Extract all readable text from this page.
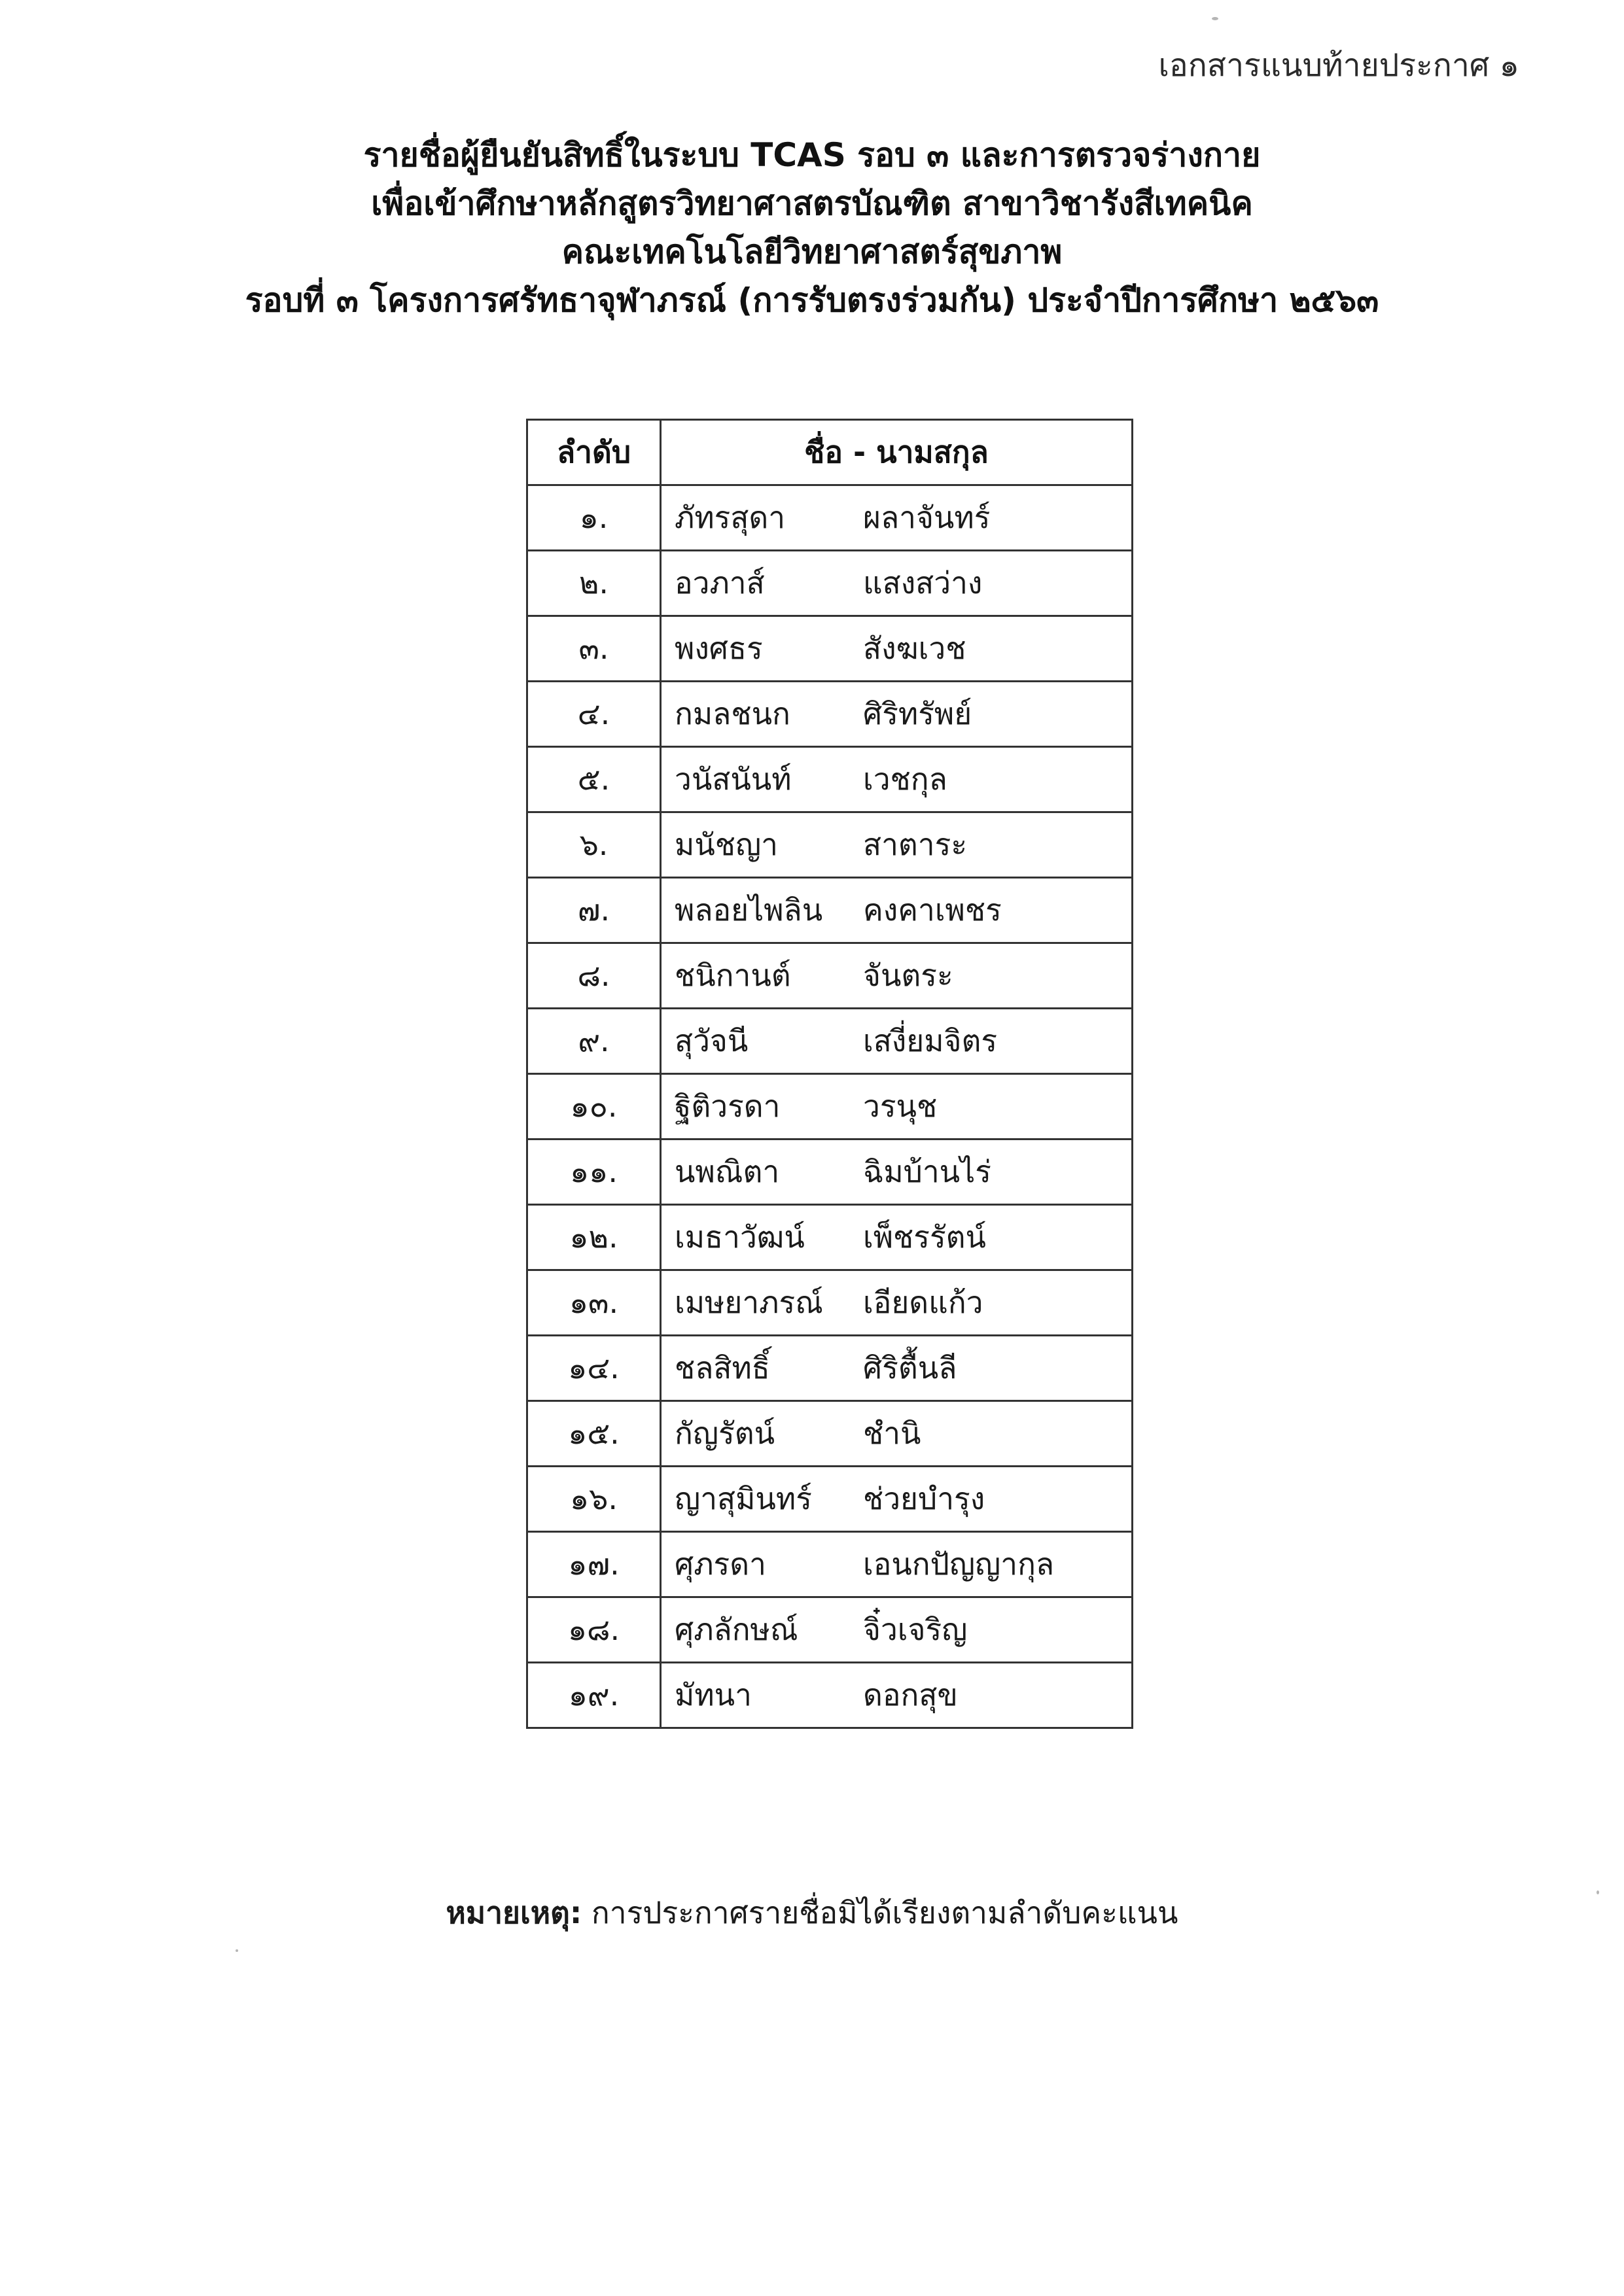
เอกสารแนบท้ายประกาศ ๑
รายชื่อผู้ยืนยันสิทธิ์ในระบบ TCAS รอบ ๓ และการตรวจร่างกาย
เพื่อเข้าศึกษาหลักสูตรวิทยาศาสตรบัณฑิต สาขาวิชารังสีเทคนิค
คณะเทคโนโลยีวิทยาศาสตร์สุขภาพ
รอบที่ ๓ โครงการศรัทธาจุฬาภรณ์ (การรับตรงร่วมกัน) ประจำปีการศึกษา ๒๕๖๓
ลำดับ	ชื่อ - นามสกุล
๑.	ภัทรสุดา ผลาจันทร์

๒.	อวภาส์ แสงสว่าง

๓.	พงศธร สังฆเวช

๔.	กมลชนก ศิริทรัพย์

๕.	วนัสนันท์ เวชกุล

๖.	มนัชญา สาตาระ

๗.	พลอยไพลิน คงคาเพชร

๘.	ชนิกานต์ จันตระ

๙.	สุวัจนี เสงี่ยมจิตร

๑๐.	ฐิติวรดา วรนุช

๑๑.	นพณิตา ฉิมบ้านไร่

๑๒.	เมธาวัฒน์ เพ็ชรรัตน์

๑๓.	เมษยาภรณ์ เอียดแก้ว

๑๔.	ชลสิทธิ์ ศิริตื้นลี

๑๕.	กัญรัตน์ ชำนิ

๑๖.	ญาสุมินทร์ ช่วยบำรุง

๑๗.	ศุภรดา เอนกปัญญากุล

๑๘.	ศุภลักษณ์ จิ๋วเจริญ

๑๙.	มัทนา ดอกสุข
หมายเหตุ: การประกาศรายชื่อมิได้เรียงตามลำดับคะแนน
